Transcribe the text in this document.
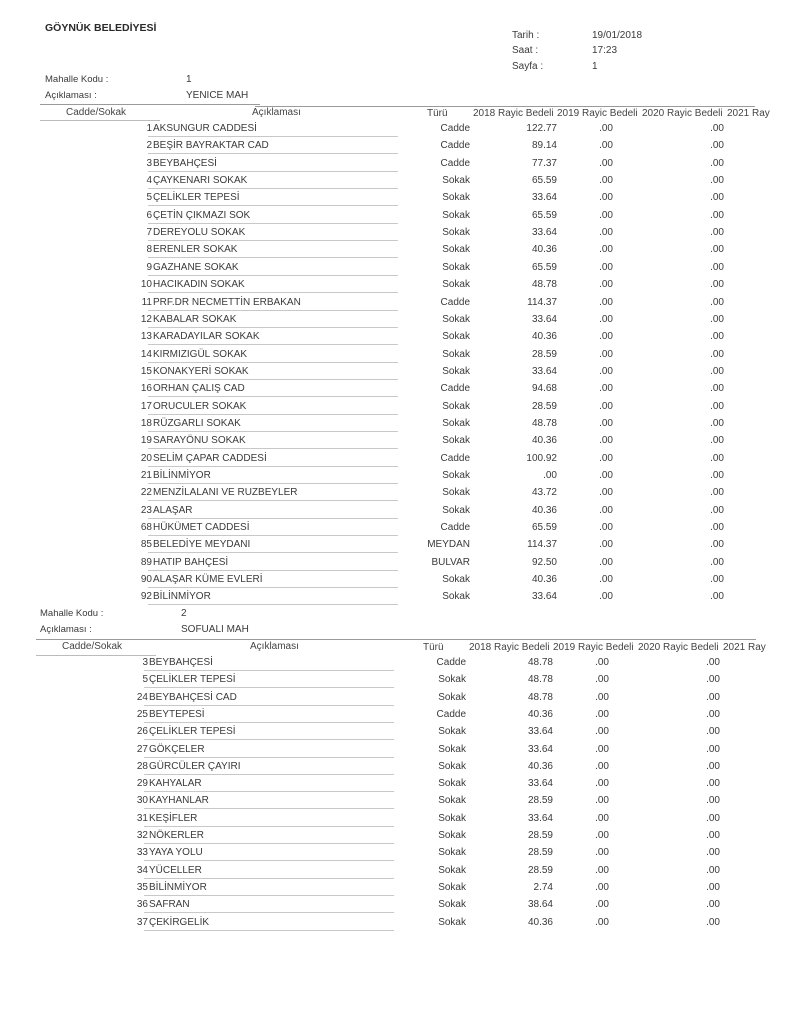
GÖYNÜK BELEDİYESİ
Tarih :	19/01/2018
Saat :	17:23
Sayfa :	1
Mahalle Kodu :	1
Açıklaması :	YENICE MAH
Cadde/Sokak	Açıklaması	Türü	2018 Rayic Bedeli 2019 Rayic Bedeli 2020 Rayic Bedeli 2021 Ray
1 AKSUNGUR CADDESİ	Cadde	122.77	.00	.00
2 BEŞİR BAYRAKTAR CAD	Cadde	89.14	.00	.00
3 BEYBAHÇESİ	Cadde	77.37	.00	.00
4 ÇAYKENARI SOKAK	Sokak	65.59	.00	.00
5 ÇELİKLER TEPESİ	Sokak	33.64	.00	.00
6 ÇETİN ÇIKMAZI SOK	Sokak	65.59	.00	.00
7 DEREYOLU SOKAK	Sokak	33.64	.00	.00
8 ERENLER SOKAK	Sokak	40.36	.00	.00
9 GAZHANE SOKAK	Sokak	65.59	.00	.00
10 HACIKADIN SOKAK	Sokak	48.78	.00	.00
11 PRF.DR NECMETTİN ERBAKAN	Cadde	114.37	.00	.00
12 KABALAR SOKAK	Sokak	33.64	.00	.00
13 KARADAYILAR SOKAK	Sokak	40.36	.00	.00
14 KIRMIZIGÜL SOKAK	Sokak	28.59	.00	.00
15 KONAKYERİ SOKAK	Sokak	33.64	.00	.00
16 ORHAN ÇALIŞ CAD	Cadde	94.68	.00	.00
17 ORUCULER SOKAK	Sokak	28.59	.00	.00
18 RÜZGARLI SOKAK	Sokak	48.78	.00	.00
19 SARAYÖNU SOKAK	Sokak	40.36	.00	.00
20 SELİM ÇAPAR CADDESİ	Cadde	100.92	.00	.00
21 BİLİNMİYOR	Sokak	.00	.00	.00
22 MENZİLALANI VE RUZBEYLER	Sokak	43.72	.00	.00
23 ALAŞAR	Sokak	40.36	.00	.00
68 HÜKÜMET CADDESİ	Cadde	65.59	.00	.00
85 BELEDİYE MEYDANI	MEYDAN	114.37	.00	.00
89 HATIP BAHÇESİ	BULVAR	92.50	.00	.00
90 ALAŞAR KÜME EVLERİ	Sokak	40.36	.00	.00
92 BİLİNMİYOR	Sokak	33.64	.00	.00
Mahalle Kodu :	2
Açıklaması :	SOFUALI MAH
Cadde/Sokak	Açıklaması	Türü	2018 Rayic Bedeli 2019 Rayic Bedeli 2020 Rayic Bedeli 2021 Ray
3 BEYBAHÇESİ	Cadde	48.78	.00	.00
5 ÇELİKLER TEPESİ	Sokak	48.78	.00	.00
24 BEYBAHÇESİ CAD	Sokak	48.78	.00	.00
25 BEYTEPESİ	Cadde	40.36	.00	.00
26 ÇELİKLER TEPESİ	Sokak	33.64	.00	.00
27 GÖKÇELER	Sokak	33.64	.00	.00
28 GÜRCÜLER ÇAYIRI	Sokak	40.36	.00	.00
29 KAHYALAR	Sokak	33.64	.00	.00
30 KAYHANLAR	Sokak	28.59	.00	.00
31 KEŞİFLER	Sokak	33.64	.00	.00
32 NÖKERLER	Sokak	28.59	.00	.00
33 YAYA YOLU	Sokak	28.59	.00	.00
34 YÜCELLER	Sokak	28.59	.00	.00
35 BİLİNMİYOR	Sokak	2.74	.00	.00
36 SAFRAN	Sokak	38.64	.00	.00
37 ÇEKİRGELİK	Sokak	40.36	.00	.00
